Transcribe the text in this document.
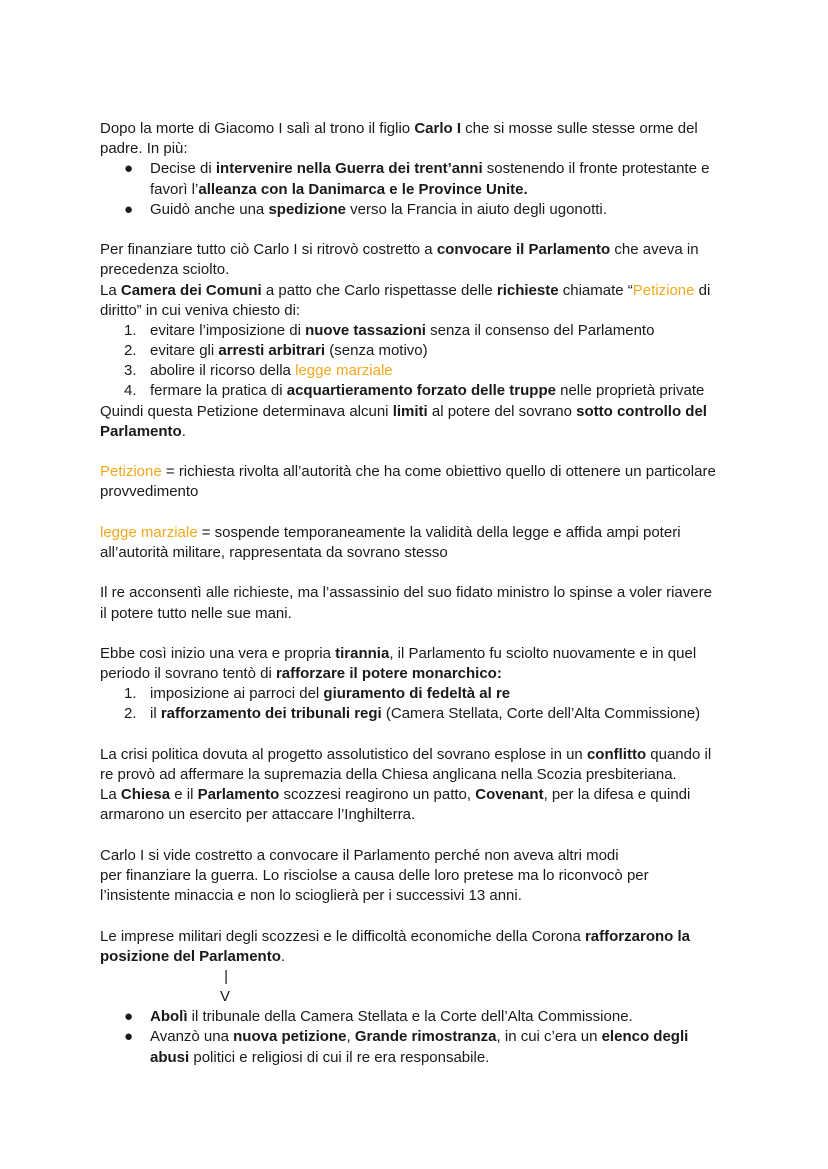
Dopo la morte di Giacomo I salì al trono il figlio Carlo I che si mosse sulle stesse orme del
padre. In più:
●	Decise di intervenire nella Guerra dei trent’anni sostenendo il fronte protestante e
favorì l’ alleanza con la Danimarca e le Province Unite.
●	Guidò anche una spedizione verso la Francia in aiuto degli ugonotti.
Per finanziare tutto ciò Carlo I si ritrovò costretto a convocare il Parlamento che aveva in
precedenza sciolto.
La Camera dei Comuni a patto che Carlo rispettasse delle richieste chiamate “ Petizione di
diritto” in cui veniva chiesto di:
1. evitare l’imposizione di nuove tassazioni senza il consenso del Parlamento
2. evitare gli arresti arbitrari (senza motivo)
3. abolire il ricorso della legge marziale
4. fermare la pratica di acquartieramento forzato delle truppe nelle proprietà private
Quindi questa Petizione determinava alcuni limiti al potere del sovrano sotto controllo del
Parlamento .
Petizione = richiesta rivolta all’autorità che ha come obiettivo quello di ottenere un particolare
provvedimento
legge marziale = sospende temporaneamente la validità della legge e affida ampi poteri
all’autorità militare, rappresentata da sovrano stesso
Il re acconsentì alle richieste, ma l’assassinio del suo fidato ministro lo spinse a voler riavere
il potere tutto nelle sue mani.
Ebbe così inizio una vera e propria tirannia , il Parlamento fu sciolto nuovamente e in quel
periodo il sovrano tentò di rafforzare il potere monarchico:
1. imposizione ai parroci del giuramento di fedeltà al re
2. il rafforzamento dei tribunali regi (Camera Stellata, Corte dell’Alta Commissione)
La crisi politica dovuta al progetto assolutistico del sovrano esplose in un conflitto quando il
re provò ad affermare la supremazia della Chiesa anglicana nella Scozia presbiteriana.
La Chiesa e il Parlamento scozzesi reagirono un patto, Covenant , per la difesa e quindi
armarono un esercito per attaccare l’Inghilterra.
Carlo I si vide costretto a convocare il Parlamento perché non aveva altri modi
per finanziare la guerra. Lo risciolse a causa delle loro pretese ma lo riconvocò per
l’insistente minaccia e non lo scioglierà per i successivi 13 anni.
Le imprese militari degli scozzesi e le difficoltà economiche della Corona rafforzarono la
posizione del Parlamento .
|
V
●	Abolì il tribunale della Camera Stellata e la Corte dell’Alta Commissione.
●	Avanzò una nuova petizione , Grande rimostranza , in cui c’era un elenco degli
abusi politici e religiosi di cui il re era responsabile.
